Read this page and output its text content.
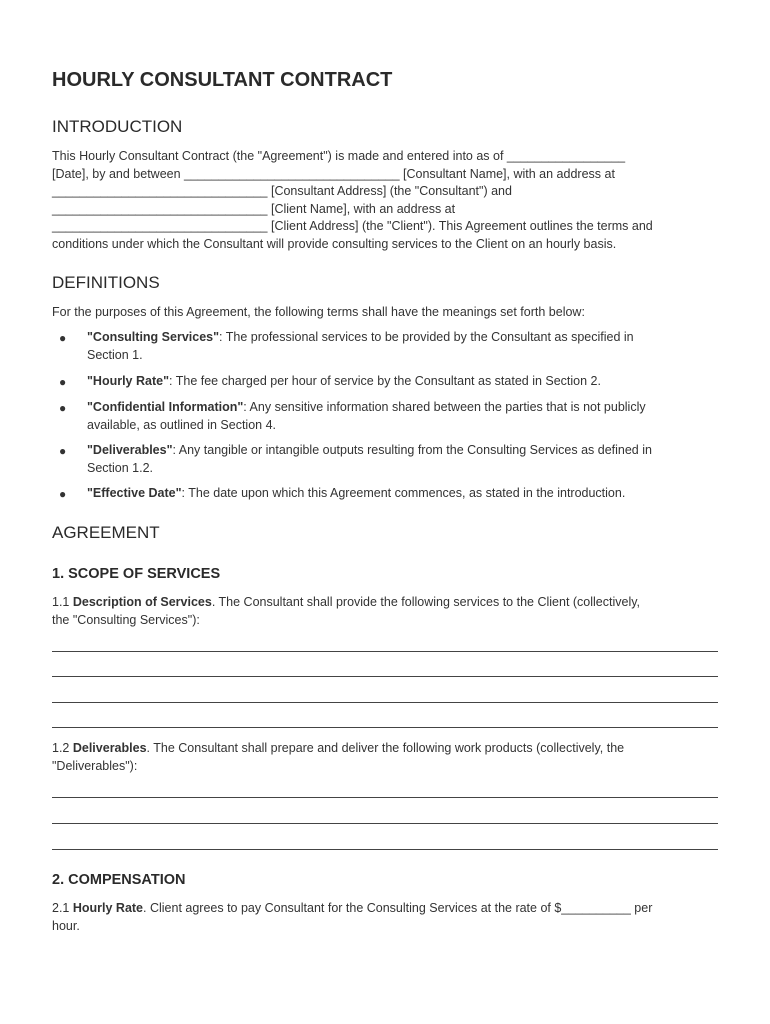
HOURLY CONSULTANT CONTRACT
INTRODUCTION
This Hourly Consultant Contract (the "Agreement") is made and entered into as of _________________
[Date], by and between _______________________________ [Consultant Name], with an address at
_______________________________ [Consultant Address] (the "Consultant") and
_______________________________ [Client Name], with an address at
_______________________________ [Client Address] (the "Client"). This Agreement outlines the terms and
conditions under which the Consultant will provide consulting services to the Client on an hourly basis.
DEFINITIONS
For the purposes of this Agreement, the following terms shall have the meanings set forth below:
● "Consulting Services": The professional services to be provided by the Consultant as specified in
Section 1.
● "Hourly Rate": The fee charged per hour of service by the Consultant as stated in Section 2.
● "Confidential Information": Any sensitive information shared between the parties that is not publicly
available, as outlined in Section 4.
● "Deliverables": Any tangible or intangible outputs resulting from the Consulting Services as defined in
Section 1.2.
● "Effective Date": The date upon which this Agreement commences, as stated in the introduction.
AGREEMENT
1. SCOPE OF SERVICES
1.1 Description of Services. The Consultant shall provide the following services to the Client (collectively,
the "Consulting Services"):
1.2 Deliverables. The Consultant shall prepare and deliver the following work products (collectively, the
"Deliverables"):
2. COMPENSATION
2.1 Hourly Rate. Client agrees to pay Consultant for the Consulting Services at the rate of $__________ per
hour.
